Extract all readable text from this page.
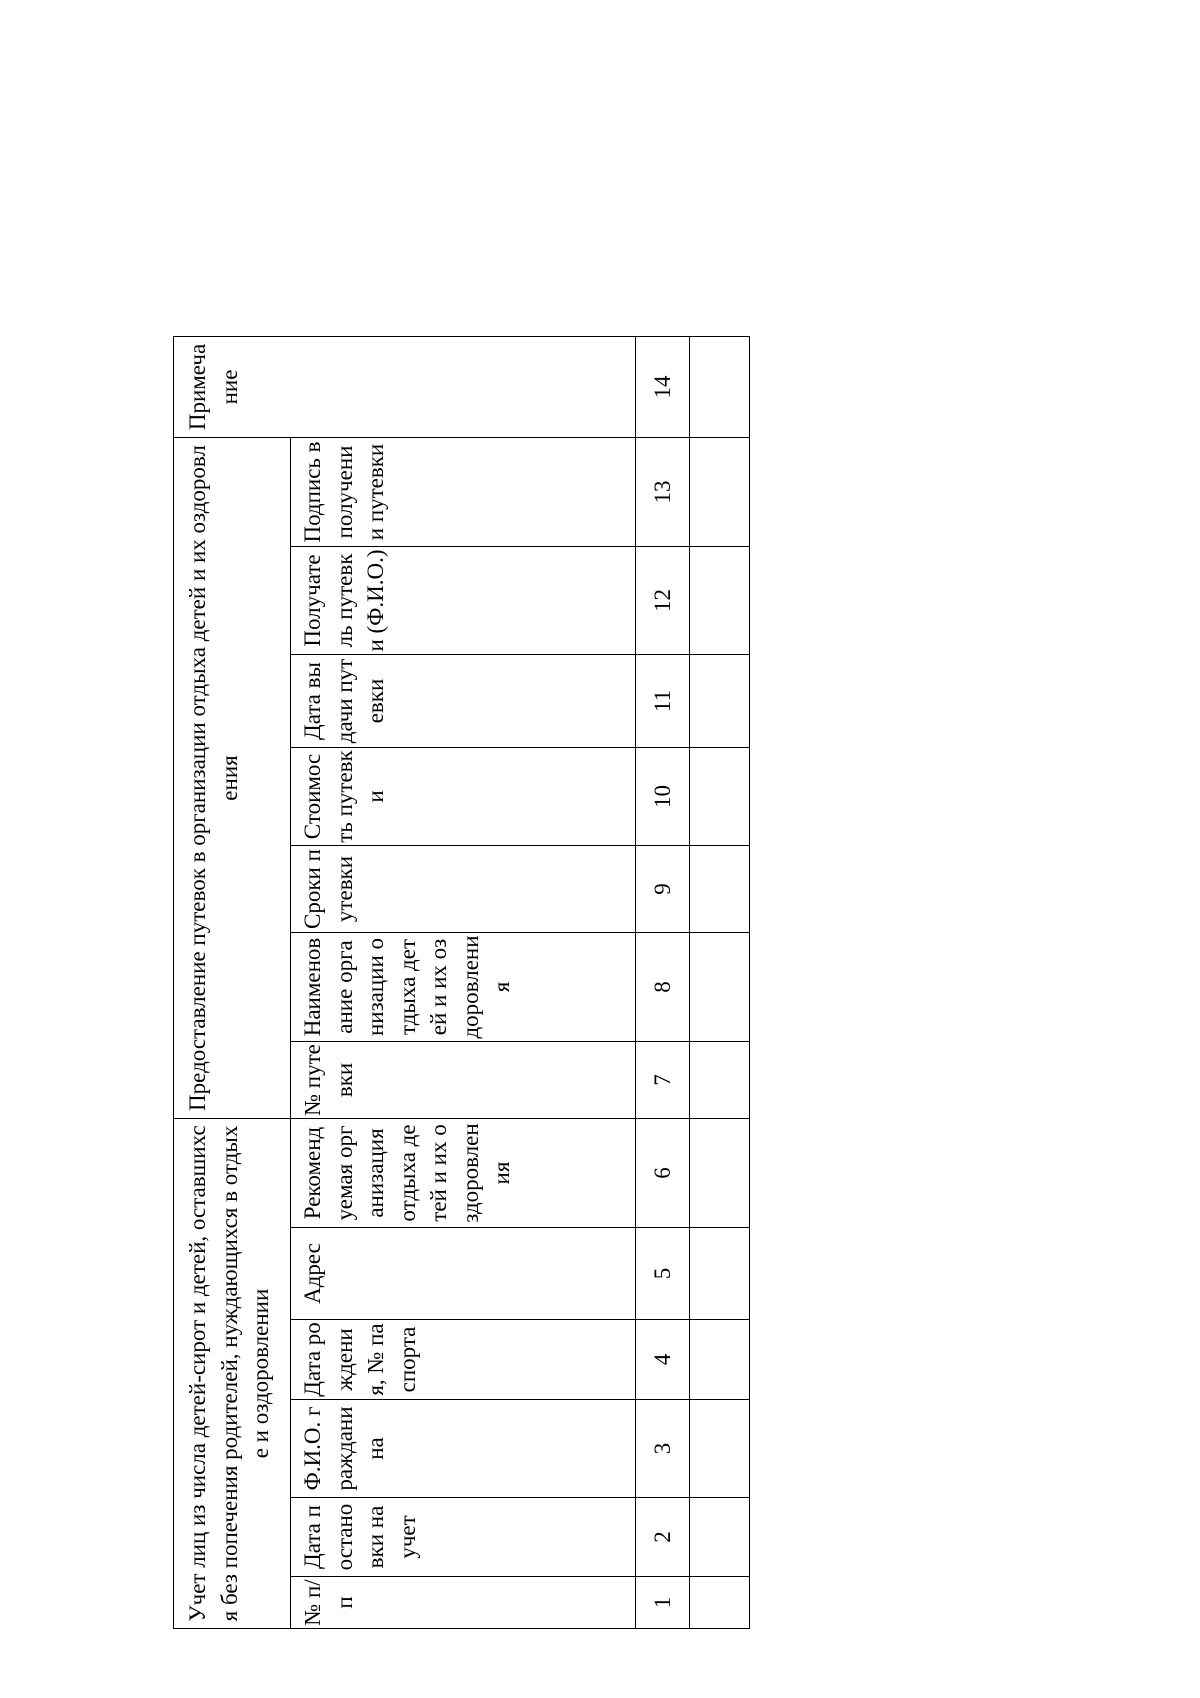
Учет лиц из числа детей-сирот и детей, оставшихся без попечения родителей, нуждающихся в отдыхе и оздоровлении						Предоставление путевок в организации отдыха детей и их оздоровления							Примечание
№ п/п	Дата постановки на учет	Ф.И.О. гражданина	Дата рождения, № паспорта	Адрес	Рекомендуемая организация отдыха детей и их оздоровления	№ путевки	Наименование организации отдыха детей и их оздоровления	Сроки путевки	Стоимость путевки	Дата выдачи путевки	Получатель путевки (Ф.И.О.)	Подпись в получении путевки	
1	2	3	4	5	6	7	8	9	10	11	12	13	14
